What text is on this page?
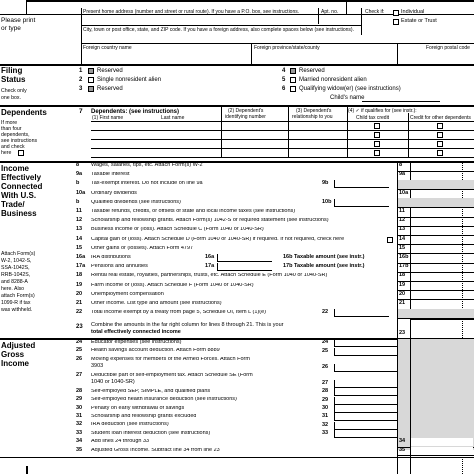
Present home address (number and street or rural route). If you have a P.O. box, see instructions.	Apt. no.	Check if:	Individual
Estate or Trust
Please print
or type	City, town or post office, state, and ZIP code. If you have a foreign address, also complete spaces below (see instructions).
Foreign country name	Foreign province/state/county	Foreign postal code
Filing
Status
Check only
one box.
1 Reserved
2 Single nonresident alien
3 Reserved
4 Reserved
5 Married nonresident alien
6 Qualifying widow(er) (see instructions)
Child's name
Dependents
If more
than four
dependents,
see instructions
and check
here
7 Dependents: (see instructions)
(1) First name	Last name
(2) Dependent's
identifying number
(3) Dependent's
relationship to you
(4) ✓ if qualifies for (see instr.):
Child tax credit	Credit for other dependents
Income
Effectively
Connected
With U.S.
Trade/
Business
Attach Form(s)
W-2, 1042-S,
SSA-1042S,
RRB-1042S,
and 8288-A
here. Also
attach Form(s)
1099-R if tax
was withheld.
23 Combine the amounts in the far right column for lines 8 through 21. This is your
total effectively connected income	23
Adjusted
Gross
Income
8 Wages, salaries, tips, etc. Attach Form(s) W-2	8
9a Taxable interest	9a
b Tax-exempt interest. Do not include on line 9a	9b
10a Ordinary dividends	10a
b Qualified dividends (see instructions)	10b
11 Taxable refunds, credits, or offsets of state and local income taxes (see instructions)	11
12 Scholarship and fellowship grants. Attach Form(s) 1042-S or required statement (see instructions)	12
13 Business income or (loss). Attach Schedule C (Form 1040 or 1040-SR)	13
14 Capital gain or (loss). Attach Schedule D (Form 1040 or 1040-SR) if required. If not required, check here	14
15 Other gains or (losses). Attach Form 4797	15
16a IRA distributions	16a	16b Taxable amount (see instr.)	16b
17a Pensions and annuities	17a	17b Taxable amount (see instr.)	17b
18 Rental real estate, royalties, partnerships, trusts, etc. Attach Schedule E (Form 1040 or 1040-SR)	18
19 Farm income or (loss). Attach Schedule F (Form 1040 or 1040-SR)	19
20 Unemployment compensation	20
21 Other income. List type and amount (see instructions)	21
22 Total income exempt by a treaty from page 5, Schedule OI, Item L (1)(e)	22
24 Educator expenses (see instructions)	24
25 Health savings account deduction. Attach Form 8889	25
26 Moving expenses for members of the Armed Forces. Attach Form
3903	26
27 Deductible part of self-employment tax. Attach Schedule SE (Form
1040 or 1040-SR)	27
28 Self-employed SEP, SIMPLE, and qualified plans	28
29 Self-employed health insurance deduction (see instructions)	29
30 Penalty on early withdrawal of savings	30
31 Scholarship and fellowship grants excluded	31
32 IRA deduction (see instructions)	32
33 Student loan interest deduction (see instructions)	33
34 Add lines 24 through 33	34
35 Adjusted Gross Income. Subtract line 34 from line 23	35
